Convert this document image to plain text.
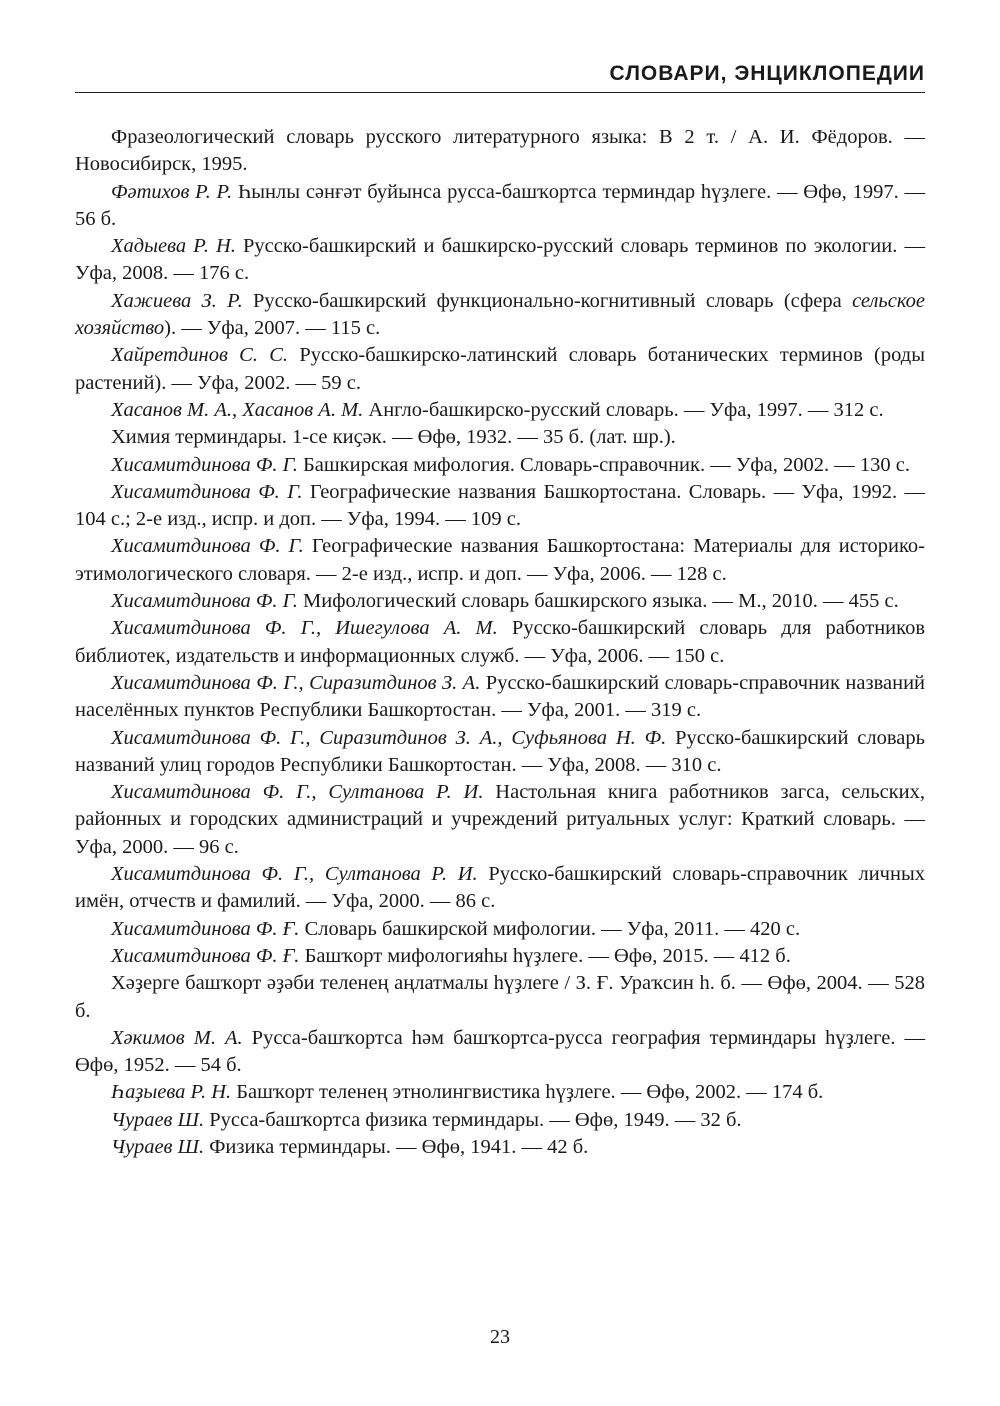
СЛОВАРИ, ЭНЦИКЛОПЕДИИ

Фразеологический словарь русского литературного языка: В 2 т. / А. И. Фёдоров. — Новосибирск, 1995.

Фәтихов Р. Р. Һынлы сәнғәт буйынса русса-башҡортса терминдар һүҙлеге. — Өфө, 1997. — 56 б.

Хадыева Р. Н. Русско-башкирский и башкирско-русский словарь терминов по экологии. — Уфа, 2008. — 176 с.

Хажиева З. Р. Русско-башкирский функционально-когнитивный словарь (сфера сельское хозяйство). — Уфа, 2007. — 115 с.

Хайретдинов С. С. Русско-башкирско-латинский словарь ботанических терминов (роды растений). — Уфа, 2002. — 59 с.

Хасанов М. А., Хасанов А. М. Англо-башкирско-русский словарь. — Уфа, 1997. — 312 с.

Химия терминдары. 1-се киҫәк. — Өфө, 1932. — 35 б. (лат. шр.).

Хисамитдинова Ф. Г. Башкирская мифология. Словарь-справочник. — Уфа, 2002. — 130 с.

Хисамитдинова Ф. Г. Географические названия Башкортостана. Словарь. — Уфа, 1992. — 104 с.; 2-е изд., испр. и доп. — Уфа, 1994. — 109 с.

Хисамитдинова Ф. Г. Географические названия Башкортостана: Материалы для историко-этимологического словаря. — 2-е изд., испр. и доп. — Уфа, 2006. — 128 с.

Хисамитдинова Ф. Г. Мифологический словарь башкирского языка. — М., 2010. — 455 с.

Хисамитдинова Ф. Г., Ишегулова А. М. Русско-башкирский словарь для работников библиотек, издательств и информационных служб. — Уфа, 2006. — 150 с.

Хисамитдинова Ф. Г., Сиразитдинов З. А. Русско-башкирский словарь-справочник названий населённых пунктов Республики Башкортостан. — Уфа, 2001. — 319 с.

Хисамитдинова Ф. Г., Сиразитдинов З. А., Суфьянова Н. Ф. Русско-башкирский словарь названий улиц городов Республики Башкортостан. — Уфа, 2008. — 310 с.

Хисамитдинова Ф. Г., Султанова Р. И. Настольная книга работников загса, сельских, районных и городских администраций и учреждений ритуальных услуг: Краткий словарь. — Уфа, 2000. — 96 с.

Хисамитдинова Ф. Г., Султанова Р. И. Русско-башкирский словарь-справочник личных имён, отчеств и фамилий. — Уфа, 2000. — 86 с.

Хисамитдинова Ф. Ғ. Словарь башкирской мифологии. — Уфа, 2011. — 420 с.

Хисамитдинова Ф. Ғ. Башҡорт мифологияһы һүҙлеге. — Өфө, 2015. — 412 б.

Хәҙерге башҡорт әҙәби теленең аңлатмалы һүҙлеге / З. Ғ. Ураҡсин һ. б. — Өфө, 2004. — 528 б.

Хәкимов М. А. Русса-башҡортса һәм башҡортса-русса география терминдары һүҙлеге. — Өфө, 1952. — 54 б.

Һаҙыева Р. Н. Башҡорт теленең этнолингвистика һүҙлеге. — Өфө, 2002. — 174 б.

Чураев Ш. Русса-башҡортса физика терминдары. — Өфө, 1949. — 32 б.

Чураев Ш. Физика терминдары. — Өфө, 1941. — 42 б.

23
